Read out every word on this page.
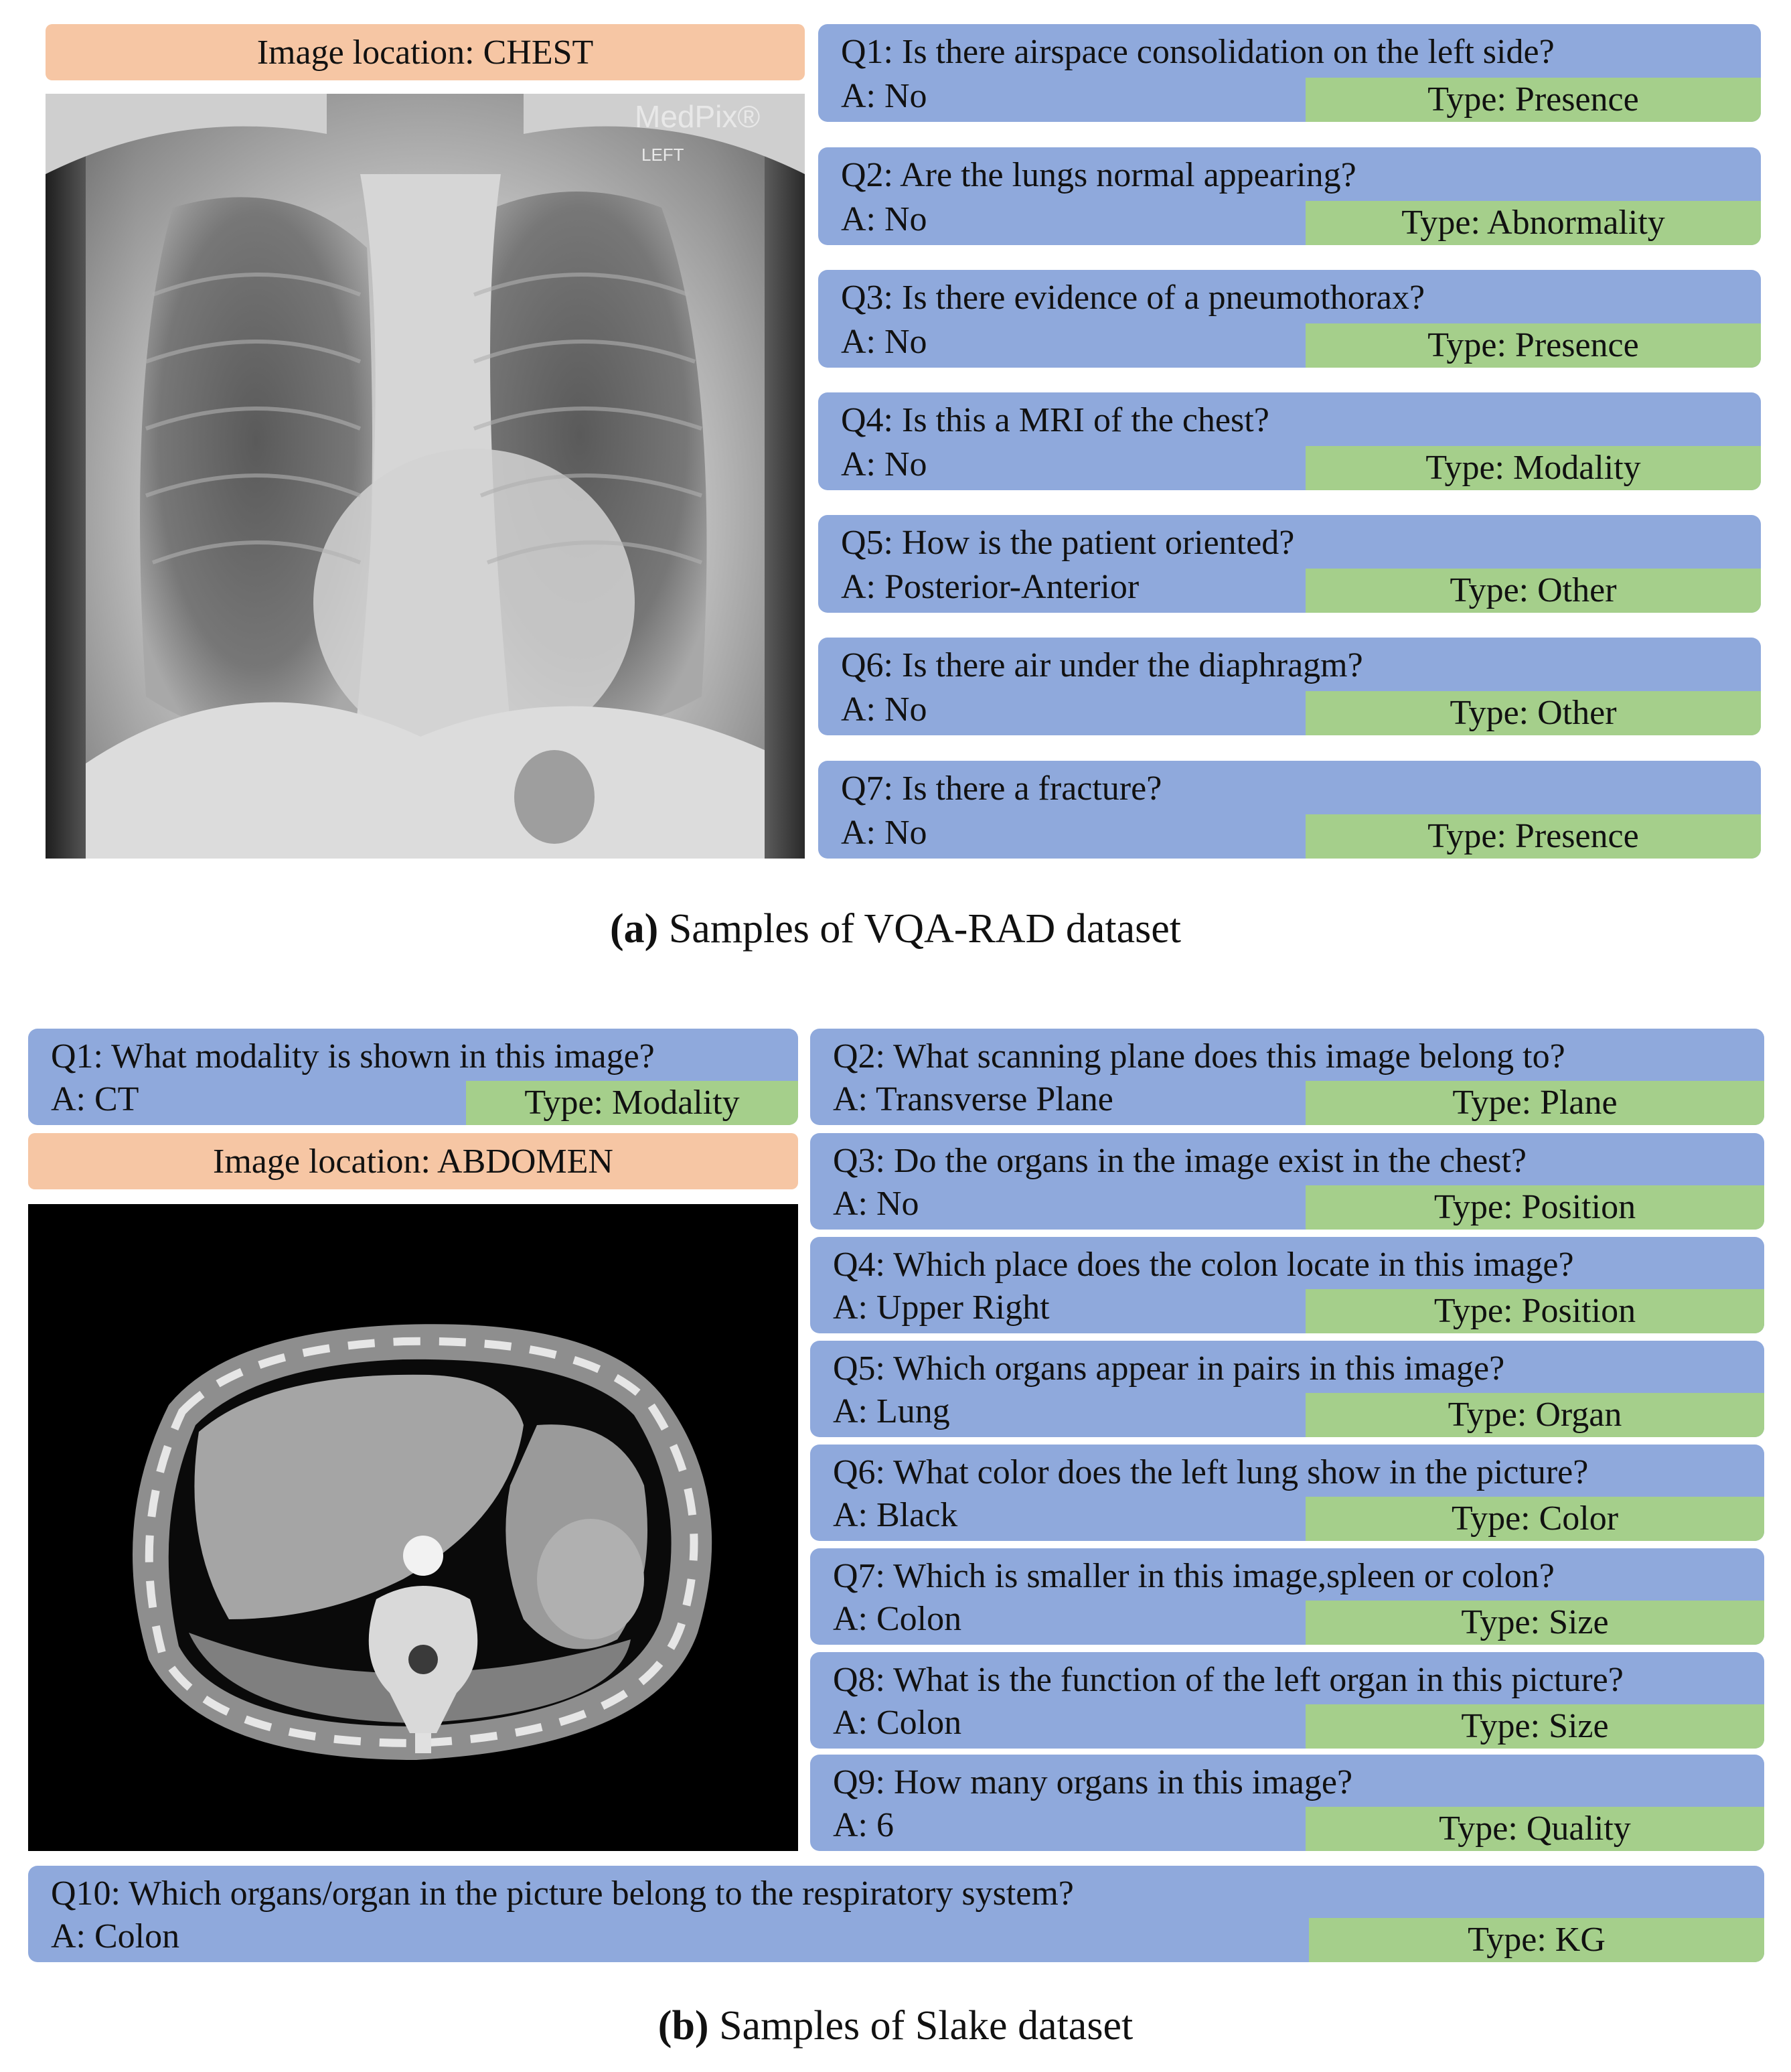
Image location: CHEST
MedPix®
LEFT
Q1: Is there airspace consolidation on the left side?
A: No	Type: Presence
Q2: Are the lungs normal appearing?
A: No	Type: Abnormality
Q3: Is there evidence of a pneumothorax?
A: No	Type: Presence
Q4: Is this a MRI of the chest?
A: No	Type: Modality
Q5: How is the patient oriented?
A: Posterior-Anterior	Type: Other
Q6: Is there air under the diaphragm?
A: No	Type: Other
Q7: Is there a fracture?
A: No	Type: Presence
(a) Samples of VQA-RAD dataset
Q1: What modality is shown in this image?
A: CT	Type: Modality
Image location: ABDOMEN
Q2: What scanning plane does this image belong to?
A: Transverse Plane	Type: Plane
Q3: Do the organs in the image exist in the chest?
A: No	Type: Position
Q4: Which place does the colon locate in this image?
A: Upper Right	Type: Position
Q5: Which organs appear in pairs in this image?
A: Lung	Type: Organ
Q6: What color does the left lung show in the picture?
A: Black	Type: Color
Q7: Which is smaller in this image,spleen or colon?
A: Colon	Type: Size
Q8: What is the function of the left organ in this picture?
A: Colon	Type: Size
Q9: How many organs in this image?
A: 6	Type: Quality
Q10: Which organs/organ in the picture belong to the respiratory system?
A: Colon	Type: KG
(b) Samples of Slake dataset
